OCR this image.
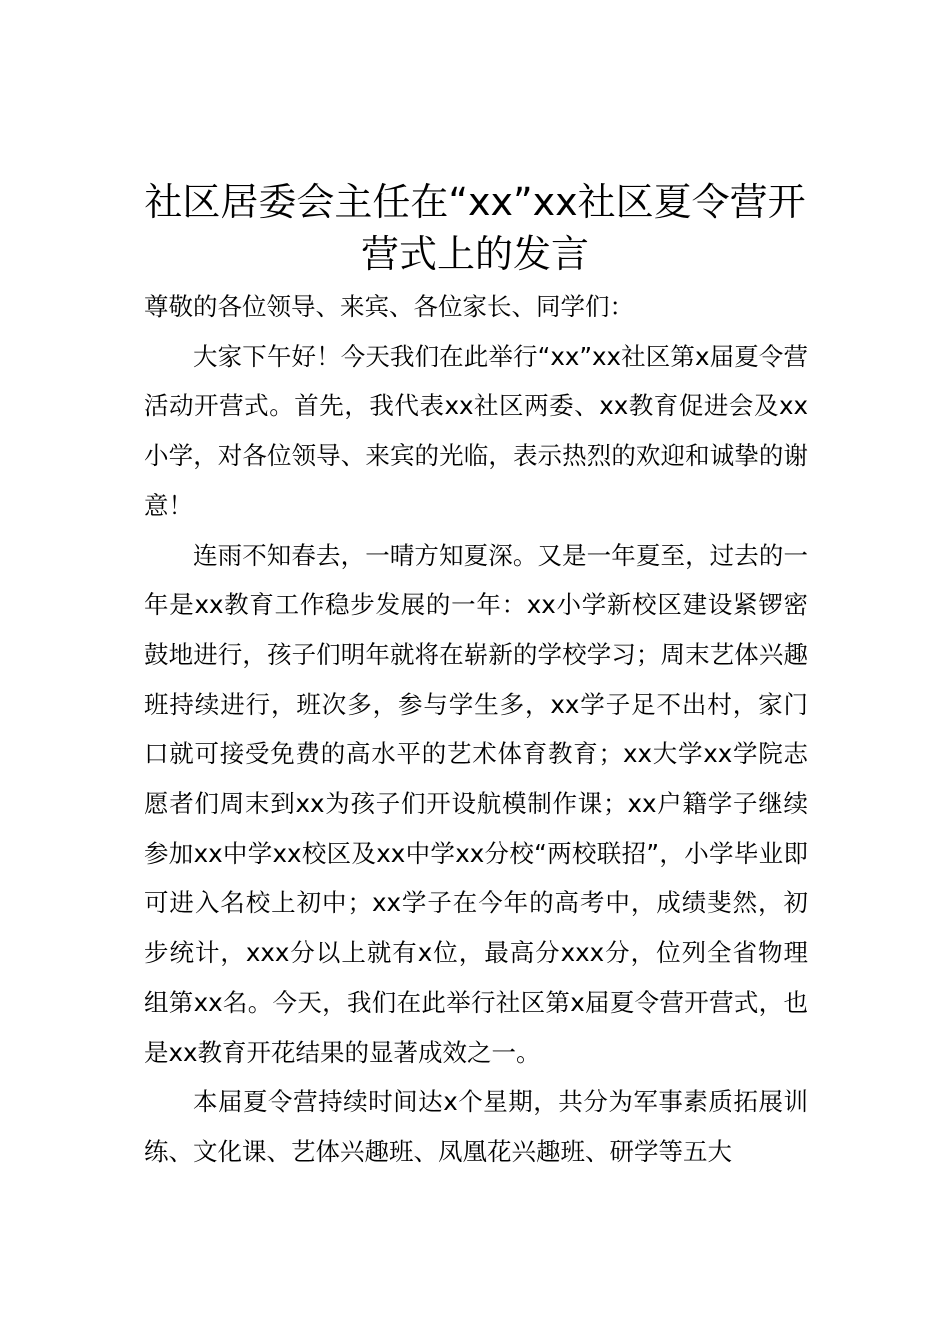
社区居委会主任在“xx”xx社区夏令营开营式上的发言

尊敬的各位领导、来宾、各位家长、同学们：

大家下午好！今天我们在此举行“xx”xx社区第x届夏令营活动开营式。首先，我代表xx社区两委、xx教育促进会及xx小学，对各位领导、来宾的光临，表示热烈的欢迎和诚挚的谢意！

连雨不知春去，一晴方知夏深。又是一年夏至，过去的一年是xx教育工作稳步发展的一年：xx小学新校区建设紧锣密鼓地进行，孩子们明年就将在崭新的学校学习；周末艺体兴趣班持续进行，班次多，参与学生多，xx学子足不出村，家门口就可接受免费的高水平的艺术体育教育；xx大学xx学院志愿者们周末到xx为孩子们开设航模制作课；xx户籍学子继续参加xx中学xx校区及xx中学xx分校“两校联招”，小学毕业即可进入名校上初中；xx学子在今年的高考中，成绩斐然，初步统计，xxx分以上就有x位，最高分xxx分，位列全省物理组第xx名。今天，我们在此举行社区第x届夏令营开营式，也是xx教育开花结果的显著成效之一。

本届夏令营持续时间达x个星期，共分为军事素质拓展训练、文化课、艺体兴趣班、凤凰花兴趣班、研学等五大
